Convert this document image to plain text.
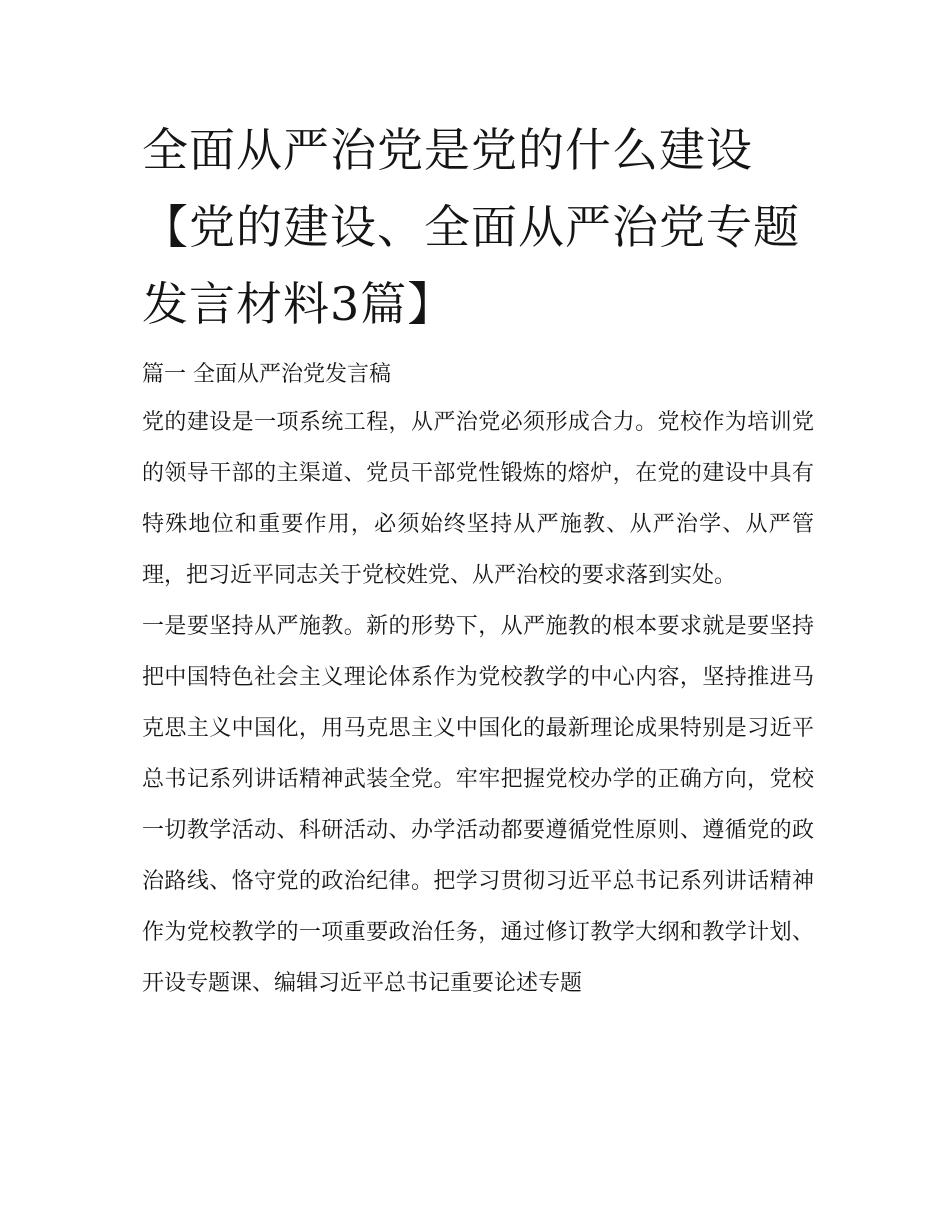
全面从严治党是党的什么建设【党的建设、全面从严治党专题发言材料3篇】
篇一 全面从严治党发言稿

党的建设是一项系统工程，从严治党必须形成合力。党校作为培训党的领导干部的主渠道、党员干部党性锻炼的熔炉，在党的建设中具有特殊地位和重要作用，必须始终坚持从严施教、从严治学、从严管理，把习近平同志关于党校姓党、从严治校的要求落到实处。

一是要坚持从严施教。新的形势下，从严施教的根本要求就是要坚持把中国特色社会主义理论体系作为党校教学的中心内容，坚持推进马克思主义中国化，用马克思主义中国化的最新理论成果特别是习近平总书记系列讲话精神武装全党。牢牢把握党校办学的正确方向，党校一切教学活动、科研活动、办学活动都要遵循党性原则、遵循党的政治路线、恪守党的政治纪律。把学习贯彻习近平总书记系列讲话精神作为党校教学的一项重要政治任务，通过修订教学大纲和教学计划、开设专题课、编辑习近平总书记重要论述专题
